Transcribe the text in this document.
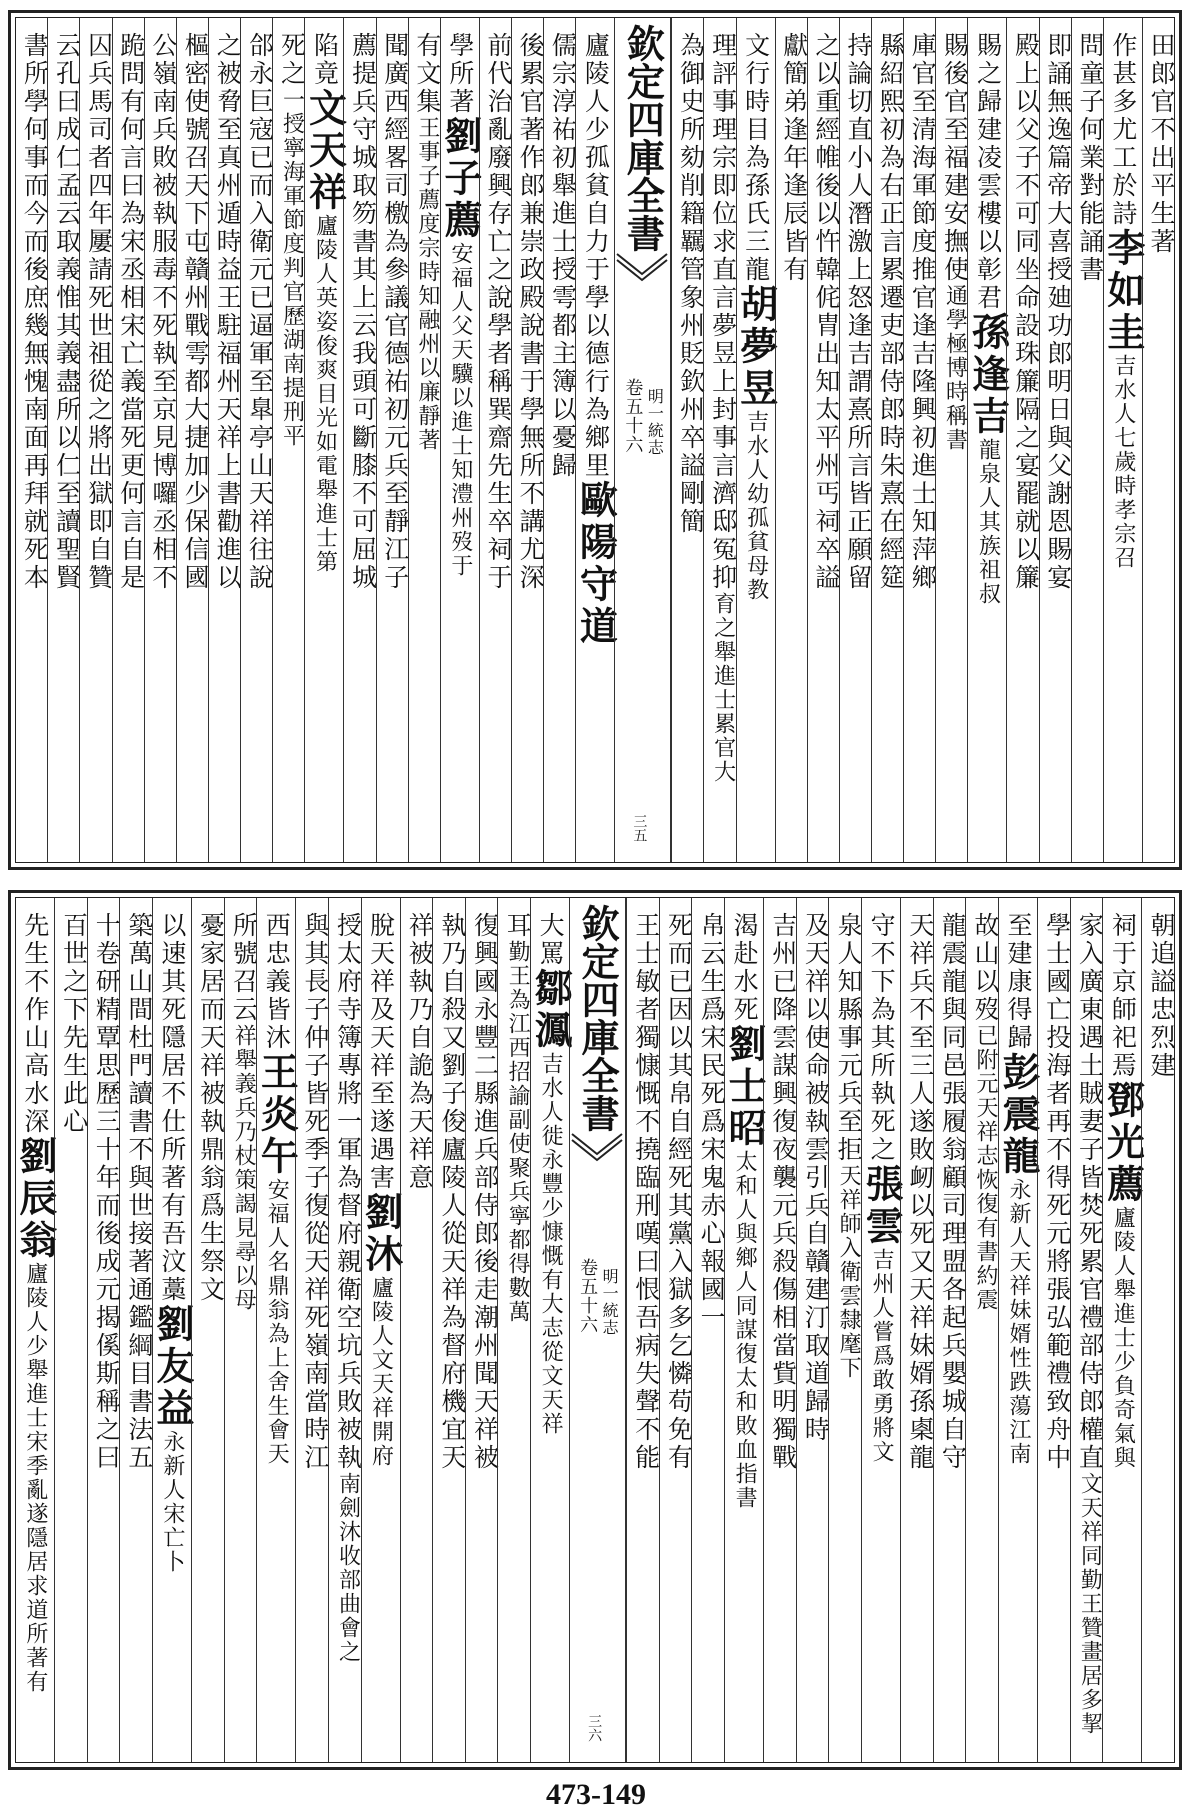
田郎官不出平生著
作甚多尤工於詩李如圭吉水人七歲時孝宗召
問童子何業對能誦書
即誦無逸篇帝大喜授廸功郎明日與父謝恩賜宴
殿上以父子不可同坐命設珠簾隔之宴罷就以簾
賜之歸建凌雲樓以彰君孫逢吉龍泉人其族祖叔
賜後官至福建安撫使通學極博時稱書
庫官至清海軍節度推官逢吉隆興初進士知萍鄉
縣紹熙初為右正言累遷吏部侍郎時朱熹在經筵
持論切直小人潛激上怒逢吉謂熹所言皆正願留
之以重經帷後以忤韓侂胄出知太平州丐祠卒謚
獻簡弟逢年逢辰皆有
文行時目為孫氏三龍胡夢昱吉水人幼孤貧母教
理評事理宗即位求直言夢昱上封事言濟邸冤抑育之舉進士累官大
為御史所劾削籍羈管象州貶欽州卒謚剛簡
欽定四庫全書
卷五十六 明一統志
三五
廬陵人少孤貧自力于學以德行為鄉里歐陽守道
儒宗淳祐初舉進士授雩都主簿以憂歸
後累官著作郎兼崇政殿說書于學無所不講尤深
前代治亂廢興存亡之說學者稱巽齋先生卒祠于
學所著劉子薦安福人父天驥以進士知澧州歿于
有文集王事子薦度宗時知融州以廉靜著
聞廣西經畧司檄為參議官德祐初元兵至靜江子
薦提兵守城取笏書其上云我頭可斷膝不可屈城
陷竟文天祥廬陵人英姿俊爽目光如電舉進士第
死之一授寧海軍節度判官歷湖南提刑平
郃永巨寇已而入衛元已逼軍至臯亭山天祥往說
之被脅至真州遁時益王駐福州天祥上書勸進以
樞密使號召天下屯贛州戰雩都大捷加少保信國
公嶺南兵敗被執服毒不死執至京見博囉丞相不
跪問有何言曰為宋丞相宋亡義當死更何言自是
囚兵馬司者四年屢請死世祖從之將出獄即自贊
云孔曰成仁孟云取義惟其義盡所以仁至讀聖賢
書所學何事而今而後庶幾無愧南面再拜就死本
朝追謚忠烈建
祠于京師祀焉鄧光薦廬陵人舉進士少負奇氣與
家入廣東遇土賊妻子皆焚死累官禮部侍郎權直文天祥同勤王贊畫居多挈
學士國亡投海者再不得死元將張弘範禮致舟中
至建康得歸彭震龍永新人天祥妹婿性跌蕩江南
故山以歿已附元天祥志恢復有書約震
龍震龍與同邑張履翁顧司理盟各起兵嬰城自守
天祥兵不至三人遂敗衂以死又天祥妹婿孫㮚龍
守不下為其所執死之張雲吉州人嘗爲敢勇將文
泉人知縣事元兵至拒天祥師入衛雲隸麾下
及天祥以使命被執雲引兵自贛建汀取道歸時
吉州已降雲謀興復夜襲元兵殺傷相當貲明獨戰
渴赴水死劉士昭太和人與鄉人同謀復太和敗血指書
帛云生爲宋民死爲宋鬼赤心報國一
死而已因以其帛自經死其黨入獄多乞憐苟免有
王士敏者獨慷慨不撓臨刑嘆曰恨吾病失聲不能
欽定四庫全書
卷五十六 明一統志
三六
大罵鄒㵯吉水人徙永豐少慷慨有大志從文天祥
耳勤王為江西招諭副使聚兵寧都得數萬
復興國永豐二縣進兵部侍郎後走潮州聞天祥被
執乃自殺又劉子俊廬陵人從天祥為督府機宜天
祥被執乃自詭為天祥意
脫天祥及天祥至遂遇害劉沐廬陵人文天祥開府
授太府寺簿專將一軍為督府親衛空坑兵敗被執南劍沐收部曲會之
與其長子仲子皆死季子復從天祥死嶺南當時江
西忠義皆沐王炎午安福人名鼎翁為上舍生會天
所號召云祥舉義兵乃杖策謁見尋以母
憂家居而天祥被執鼎翁爲生祭文
以速其死隱居不仕所著有吾汶藁劉友益永新人宋亡卜
築萬山間杜門讀書不與世接著通鑑綱目書法五
十卷研精覃思歷三十年而後成元揭傒斯稱之曰
百世之下先生此心
先生不作山高水深劉辰翁廬陵人少舉進士宋季亂遂隱居求道所著有
473-149
